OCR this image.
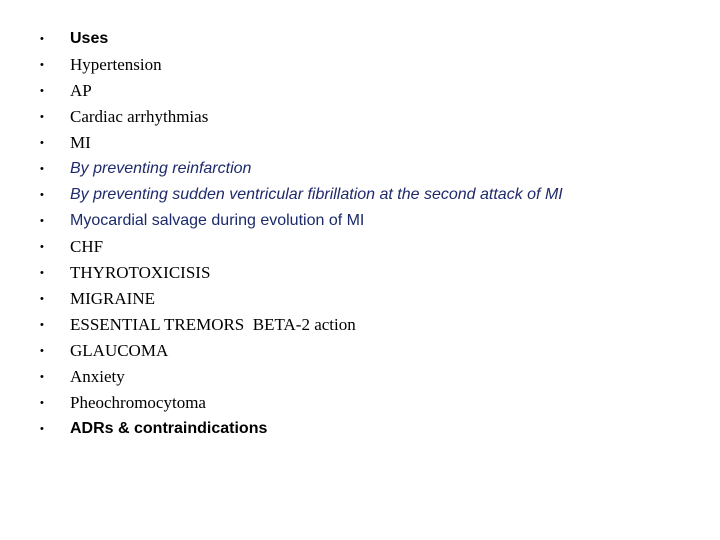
•	Uses
•	Hypertension
•	AP
•	Cardiac arrhythmias
•	MI
•	By preventing reinfarction
•	By preventing sudden ventricular fibrillation at the second attack of MI
•	Myocardial salvage during evolution of MI
•	CHF
•	THYROTOXICISIS
•	MIGRAINE
•	ESSENTIAL TREMORS  BETA-2 action
•	GLAUCOMA
•	Anxiety
•	Pheochromocytoma
•	ADRs & contraindications
